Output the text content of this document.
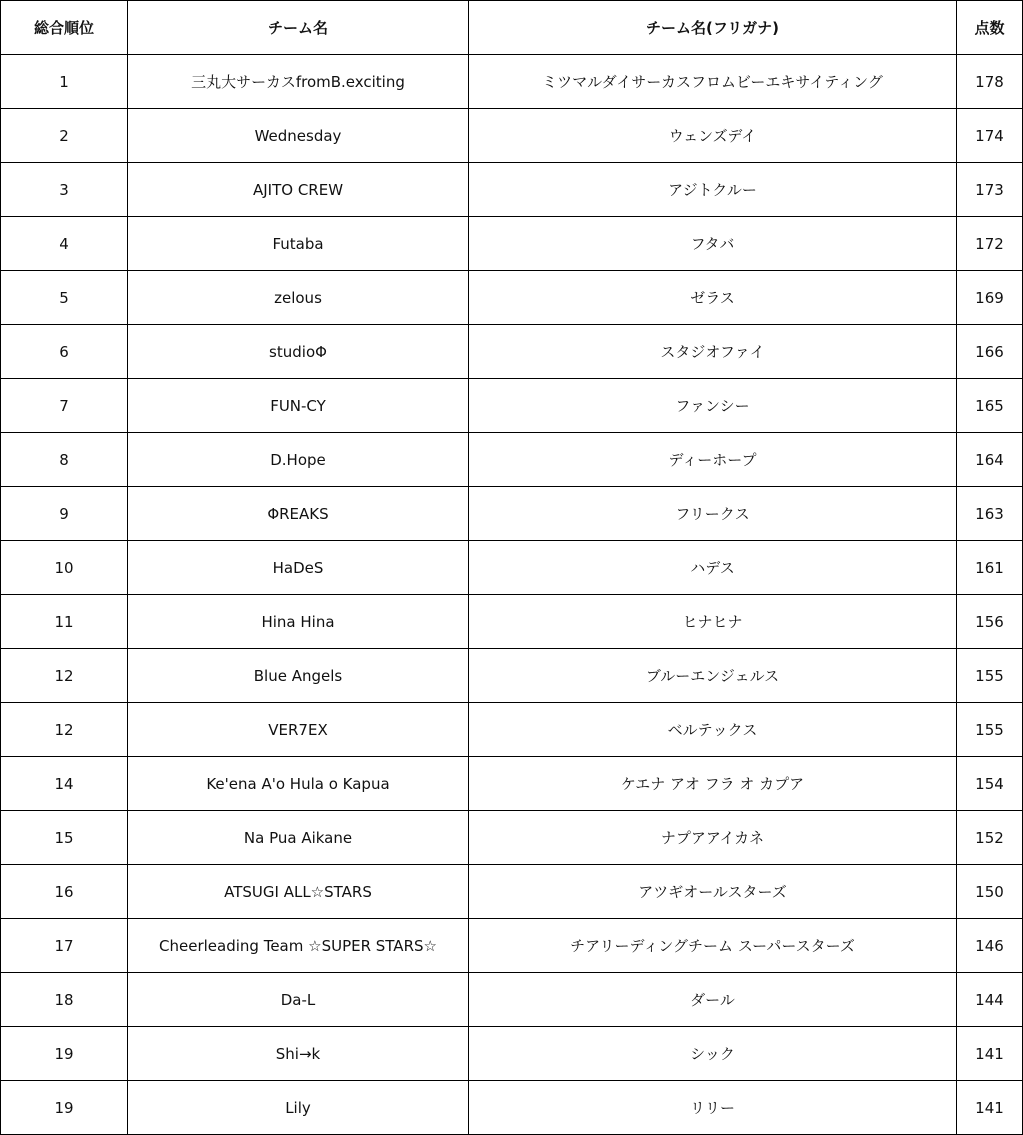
総合順位	チーム名	チーム名(フリガナ)	点数
1	三丸大サーカスfromB.exciting	ミツマルダイサーカスフロムビーエキサイティング	178
2	Wednesday	ウェンズデイ	174
3	AJITO CREW	アジトクルー	173
4	Futaba	フタバ	172
5	zelous	ゼラス	169
6	studioΦ	スタジオファイ	166
7	FUN-CY	ファンシー	165
8	D.Hope	ディーホープ	164
9	ΦREAKS	フリークス	163
10	HaDeS	ハデス	161
11	Hina Hina	ヒナヒナ	156
12	Blue Angels	ブルーエンジェルス	155
12	VER7EX	ベルテックス	155
14	Ke'ena A'o Hula o Kapua	ケエナ アオ フラ オ カプア	154
15	Na Pua Aikane	ナプアアイカネ	152
16	ATSUGI ALL☆STARS	アツギオールスターズ	150
17	Cheerleading Team ☆SUPER STARS☆	チアリーディングチーム スーパースターズ	146
18	Da-L	ダール	144
19	Shi→k	シック	141
19	Lily	リリー	141
